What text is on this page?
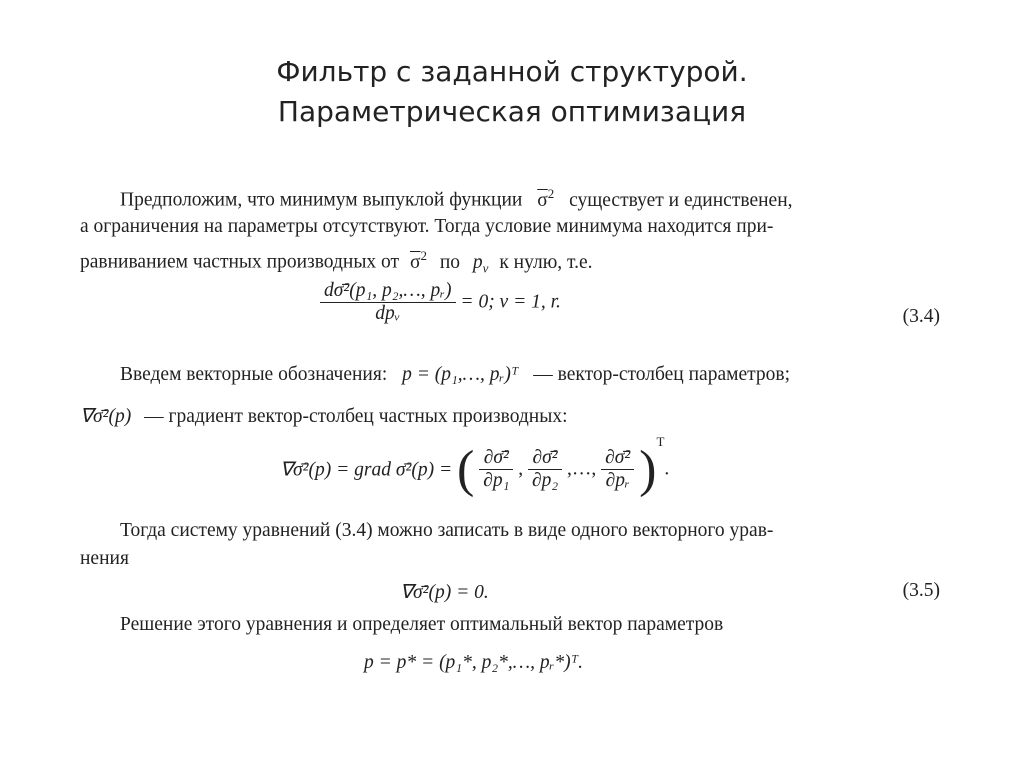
Фильтр с заданной структурой.
Параметрическая оптимизация
Предположим, что минимум выпуклой функции $\overline{\sigma}^2$ существует и единственен,
а ограничения на параметры отсутствуют. Тогда условие минимума находится при-
равниванием частных производных от $\overline{\sigma}^2$ по $p_v$ к нулю, т.е.
$\frac{\text{dσ̄²(p₁, p₂,…, pᵣ)}}{\text{dpᵥ}} = 0$; v = 1, r.
(3.4)
Введем векторные обозначения: p = (p₁,…, pᵣ)ᵀ — вектор-столбец параметров;
∇σ̄²(p) — градиент вектор-столбец частных производных:
∇σ̄²(p) = grad σ̄²(p) = ( $\frac{\text{∂σ̄²}}{\text{∂p₁}}$ , $\frac{\text{∂σ̄²}}{\text{∂p₂}}$ ,…, $\frac{\text{∂σ̄²}}{\text{∂pᵣ}} )^T$.
Тогда систему уравнений (3.4) можно записать в виде одного векторного урав-
нения
∇σ̄²(p) = 0.	(3.5)
Решение этого уравнения и определяет оптимальный вектор параметров
p = p* = (p₁*, p₂*,…, pᵣ*)ᵀ.
